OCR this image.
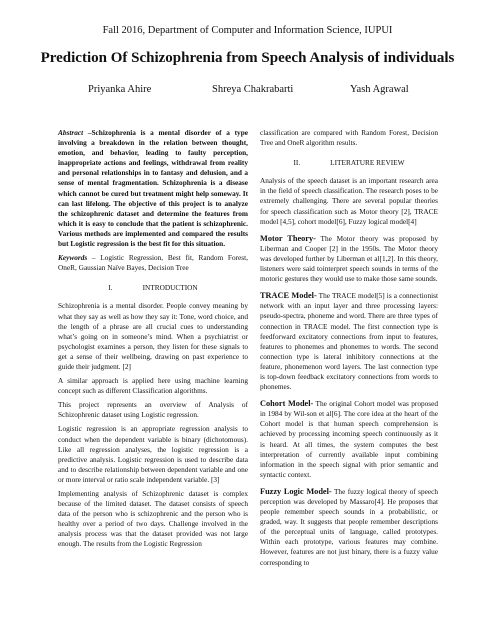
Fall 2016, Department of Computer and Information Science, IUPUI
Prediction Of Schizophrenia from Speech Analysis of individuals
Priyanka Ahire	Shreya Chakrabarti	Yash Agrawal

Abstract –Schizophrenia is a mental disorder of a type involving a breakdown in the relation between thought, emotion, and behavior, leading to faulty perception, inappropriate actions and feelings, withdrawal from reality and personal relationships in to fantasy and delusion, and a sense of mental fragmentation. Schizophrenia is a disease which cannot be cured but treatment might help someway. It can last lifelong. The objective of this project is to analyze the schizophrenic dataset and determine the features from which it is easy to conclude that the patient is schizophrenic. Various methods are implemented and compared the results but Logistic regression is the best fit for this situation.

Keywords – Logistic Regression, Best fit, Random Forest, OneR, Gaussian Naïve Bayes, Decision Tree

I.	INTRODUCTION

Schizophrenia is a mental disorder. People convey meaning by what they say as well as how they say it: Tone, word choice, and the length of a phrase are all crucial cues to understanding what’s going on in someone’s mind. When a psychiatrist or psychologist examines a person, they listen for these signals to get a sense of their wellbeing, drawing on past experience to guide their judgment. [2]

A similar approach is applied here using machine learning concept such as different Classification algorithms.

This project represents an overview of Analysis of Schizophrenic dataset using Logistic regression.

Logistic regression is an appropriate regression analysis to conduct when the dependent variable is binary (dichotomous). Like all regression analyses, the logistic regression is a predictive analysis. Logistic regression is used to describe data and to describe relationship between dependent variable and one or more interval or ratio scale independent variable. [3]

Implementing analysis of Schizophrenic dataset is complex because of the limited dataset. The dataset consists of speech data of the person who is schizophrenic and the person who is healthy over a period of two days. Challenge involved in the analysis process was that the dataset provided was not large enough. The results from the Logistic Regression

classification are compared with Random Forest, Decision Tree and OneR algorithm results.

II.	LITERATURE REVIEW

Analysis of the speech dataset is an important research area in the field of speech classification. The research poses to be extremely challenging. There are several popular theories for speech classification such as Motor theory [2], TRACE model [4,5], cohort model[6], Fuzzy logical model[4]

Motor Theory- The Motor theory was proposed by Liberman and Cooper [2] in the 1950s. The Motor theory was developed further by Liberman et al[1,2]. In this theory, listeners were said tointerpret speech sounds in terms of the motoric gestures they would use to make those same sounds.

TRACE Model- The TRACE model[5] is a connectionist network with an input layer and three processing layers: pseudo-spectra, phoneme and word. There are three types of connection in TRACE model. The first connection type is feedforward excitatory connections from input to features, features to phonemes and phonemes to words. The second connection type is lateral inhibitory connections at the feature, phonemenon word layers. The last connection type is top-down feedback excitatory connections from words to phonemes.

Cohort Model- The original Cohort model was proposed in 1984 by Wil-son et al[6]. The core idea at the heart of the Cohort model is that human speech comprehension is achieved by processing incoming speech continuously as it is heard. At all times, the system computes the best interpretation of currently available input combining information in the speech signal with prior semantic and syntactic context.

Fuzzy Logic Model- The fuzzy logical theory of speech perception was developed by Massaro[4]. He proposes that people remember speech sounds in a probabilistic, or graded, way. It suggests that people remember descriptions of the perceptual units of language, called prototypes. Within each prototype, various features may combine. However, features are not just binary, there is a fuzzy value corresponding to
